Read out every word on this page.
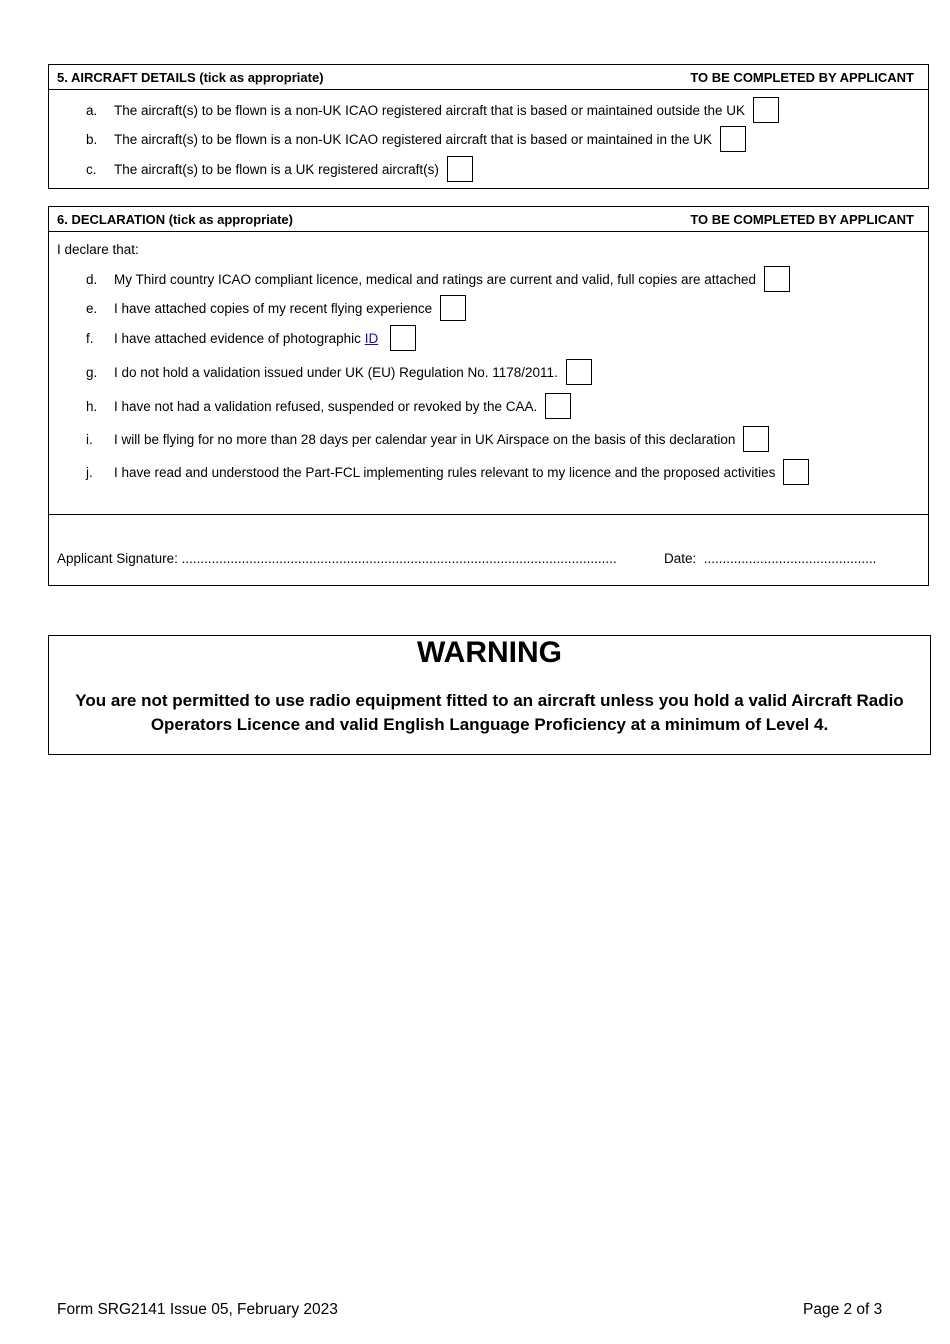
5. AIRCRAFT DETAILS (tick as appropriate)	TO BE COMPLETED BY APPLICANT
a. The aircraft(s) to be flown is a non-UK ICAO registered aircraft that is based or maintained outside the UK
b. The aircraft(s) to be flown is a non-UK ICAO registered aircraft that is based or maintained in the UK
c. The aircraft(s) to be flown is a UK registered aircraft(s)
6. DECLARATION (tick as appropriate)	TO BE COMPLETED BY APPLICANT
I declare that:
d. My Third country ICAO compliant licence, medical and ratings are current and valid, full copies are attached
e. I have attached copies of my recent flying experience
f. I have attached evidence of photographic ID
g. I do not hold a validation issued under UK (EU) Regulation No. 1178/2011.
h. I have not had a validation refused, suspended or revoked by the CAA.
i. I will be flying for no more than 28 days per calendar year in UK Airspace on the basis of this declaration
j. I have read and understood the Part-FCL implementing rules relevant to my licence and the proposed activities
Applicant Signature: ....................................................................................................................	Date: ..............................................
WARNING
You are not permitted to use radio equipment fitted to an aircraft unless you hold a valid Aircraft Radio Operators Licence and valid English Language Proficiency at a minimum of Level 4.
Form SRG2141 Issue 05, February 2023	Page 2 of 3
